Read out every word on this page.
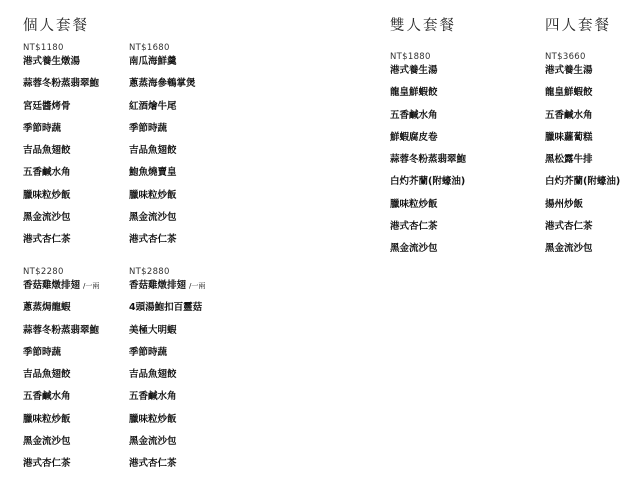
個人套餐	雙人套餐	四人套餐
NT$1180
港式養生燉湯
蒜蓉冬粉蒸翡翠鮑
宮廷醬烤骨
季節時蔬
吉品魚翅餃
五香鹹水角
臘味粒炒飯
黑金流沙包
港式杏仁茶
NT$1680
南瓜海鮮羹
蔥蒸海參鵪掌煲
紅酒燴牛尾
季節時蔬
吉品魚翅餃
鮑魚燒賣皇
臘味粒炒飯
黑金流沙包
港式杏仁茶
NT$2280
香菇雞燉排翅 /一兩
蔥蒸焗龍蝦
蒜蓉冬粉蒸翡翠鮑
季節時蔬
吉品魚翅餃
五香鹹水角
臘味粒炒飯
黑金流沙包
港式杏仁茶
NT$2880
香菇雞燉排翅 /一兩
4頭湯鮑扣百靈菇
美極大明蝦
季節時蔬
吉品魚翅餃
五香鹹水角
臘味粒炒飯
黑金流沙包
港式杏仁茶
NT$1880
港式養生湯
龍皇鮮蝦餃
五香鹹水角
鮮蝦腐皮卷
蒜蓉冬粉蒸翡翠鮑
白灼芥蘭(附蠔油)
臘味粒炒飯
港式杏仁茶
黑金流沙包
NT$3660
港式養生湯
龍皇鮮蝦餃
五香鹹水角
臘味蘿蔔糕
黑松露牛排
白灼芥蘭(附蠔油)
揚州炒飯
港式杏仁茶
黑金流沙包
